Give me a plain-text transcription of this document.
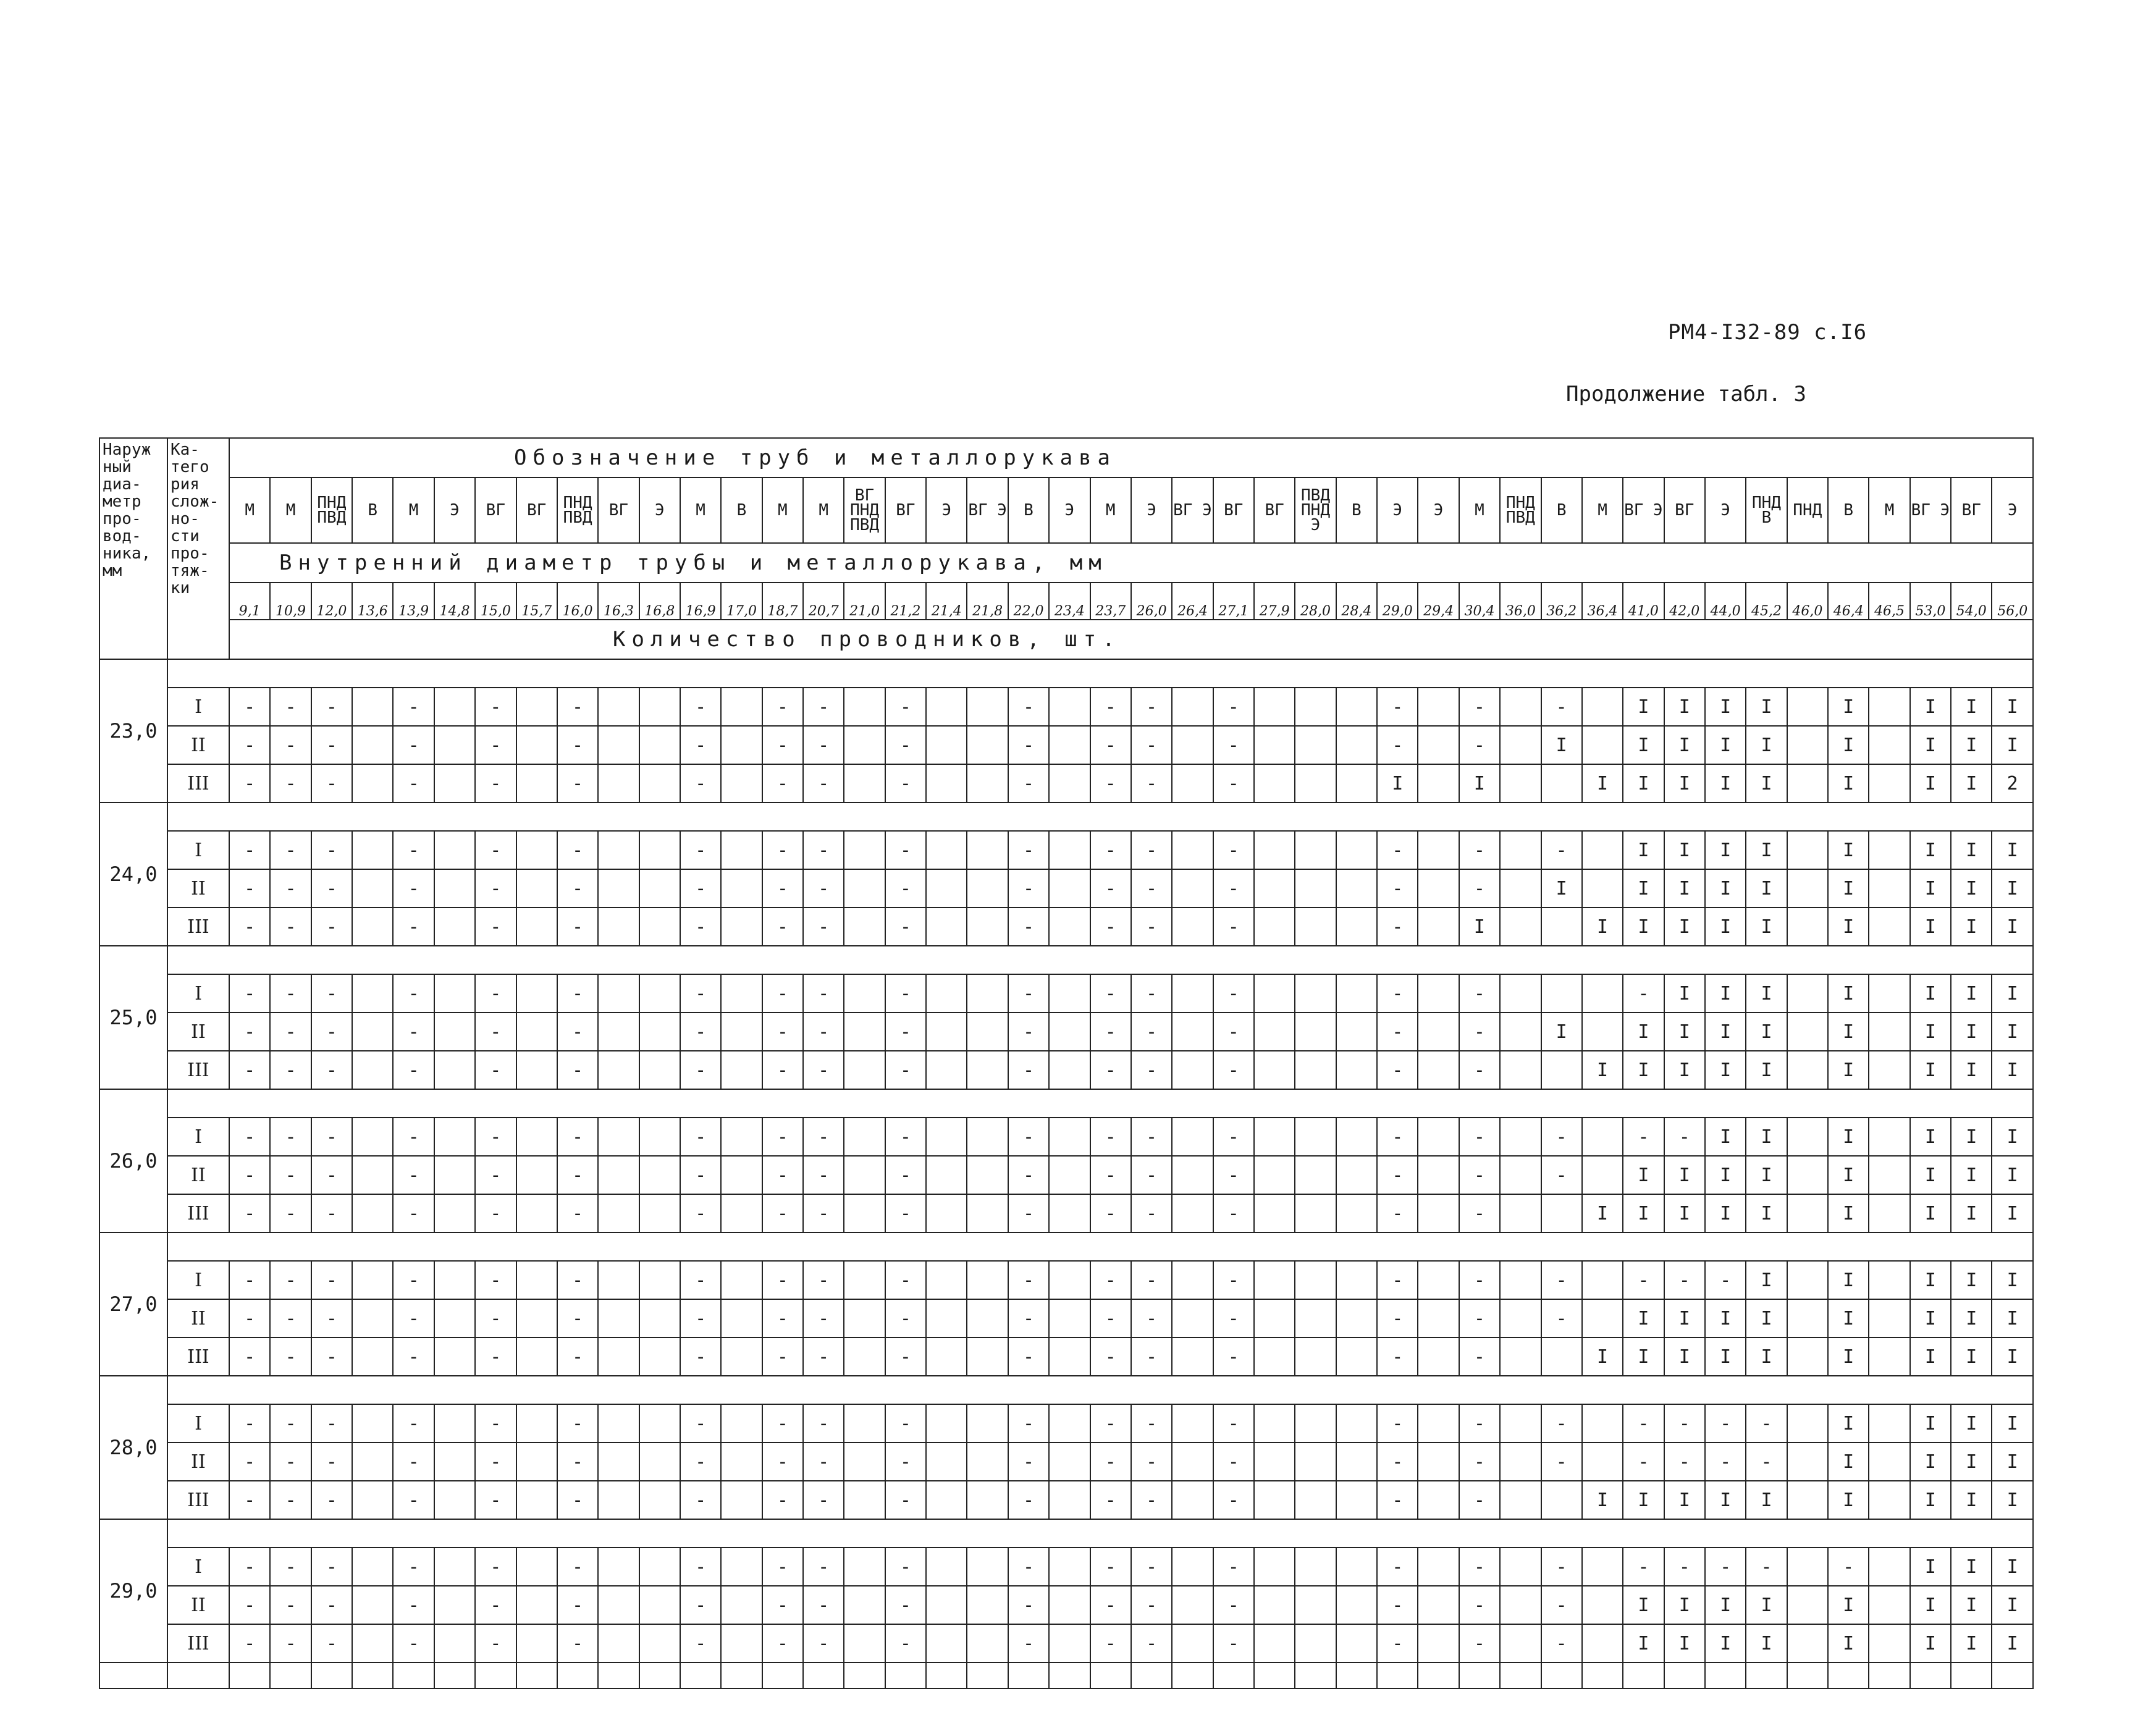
РМ4-I32-89 с.I6
Продолжение табл. 3
Наруж ный диа- метр про- вод- ника, мм	Ка- тего рия слож- но- сти про- тяж- ки	Обозначение труб и металлорукава																																											
		М	М	ПНД ПВД	В	М	Э	ВГ	ВГ	ПНД ПВД	ВГ	Э	М	В	М	М	ВГ ПНД ПВД	ВГ	Э	ВГ Э	В	Э	М	Э	ВГ Э	ВГ	ВГ	ПВД ПНД Э	В	Э	Э	М	ПНД ПВД	В	М	ВГ Э	ВГ	Э	ПНД В	ПНД	В	М	ВГ Э	ВГ	Э
		Внутренний диаметр трубы и металлорукава, мм																																											
		9,1	10,9	12,0	13,6	13,9	14,8	15,0	15,7	16,0	16,3	16,8	16,9	17,0	18,7	20,7	21,0	21,2	21,4	21,8	22,0	23,4	23,7	26,0	26,4	27,1	27,9	28,0	28,4	29,0	29,4	30,4	36,0	36,2	36,4	41,0	42,0	44,0	45,2	46,0	46,4	46,5	53,0	54,0	56,0
		Количество проводников, шт.																																											
23,0																																													
	I	-	-	-		-		-		-			-		-	-		-			-		-	-		-				-		-		-		I	I	I	I		I		I	I	I
	II	-	-	-		-		-		-			-		-	-		-			-		-	-		-				-		-		I		I	I	I	I		I		I	I	I
	III	-	-	-		-		-		-			-		-	-		-			-		-	-		-				I		I			I	I	I	I	I		I		I	I	2
24,0																																													
	I	-	-	-		-		-		-			-		-	-		-			-		-	-		-				-		-		-		I	I	I	I		I		I	I	I
	II	-	-	-		-		-		-			-		-	-		-			-		-	-		-				-		-		I		I	I	I	I		I		I	I	I
	III	-	-	-		-		-		-			-		-	-		-			-		-	-		-				-		I			I	I	I	I	I		I		I	I	I
25,0																																													
	I	-	-	-		-		-		-			-		-	-		-			-		-	-		-				-		-				-	I	I	I		I		I	I	I
	II	-	-	-		-		-		-			-		-	-		-			-		-	-		-				-		-		I		I	I	I	I		I		I	I	I
	III	-	-	-		-		-		-			-		-	-		-			-		-	-		-				-		-			I	I	I	I	I		I		I	I	I
26,0																																													
	I	-	-	-		-		-		-			-		-	-		-			-		-	-		-				-		-		-		-	-	I	I		I		I	I	I
	II	-	-	-		-		-		-			-		-	-		-			-		-	-		-				-		-		-		I	I	I	I		I		I	I	I
	III	-	-	-		-		-		-			-		-	-		-			-		-	-		-				-		-			I	I	I	I	I		I		I	I	I
27,0																																													
	I	-	-	-		-		-		-			-		-	-		-			-		-	-		-				-		-		-		-	-	-	I		I		I	I	I
	II	-	-	-		-		-		-			-		-	-		-			-		-	-		-				-		-		-		I	I	I	I		I		I	I	I
	III	-	-	-		-		-		-			-		-	-		-			-		-	-		-				-		-			I	I	I	I	I		I		I	I	I
28,0																																													
	I	-	-	-		-		-		-			-		-	-		-			-		-	-		-				-		-		-		-	-	-	-		I		I	I	I
	II	-	-	-		-		-		-			-		-	-		-			-		-	-		-				-		-		-		-	-	-	-		I		I	I	I
	III	-	-	-		-		-		-			-		-	-		-			-		-	-		-				-		-			I	I	I	I	I		I		I	I	I
29,0																																													
	I	-	-	-		-		-		-			-		-	-		-			-		-	-		-				-		-		-		-	-	-	-		-		I	I	I
	II	-	-	-		-		-		-			-		-	-		-			-		-	-		-				-		-		-		I	I	I	I		I		I	I	I
	III	-	-	-		-		-		-			-		-	-		-			-		-	-		-				-		-		-		I	I	I	I		I		I	I	I
